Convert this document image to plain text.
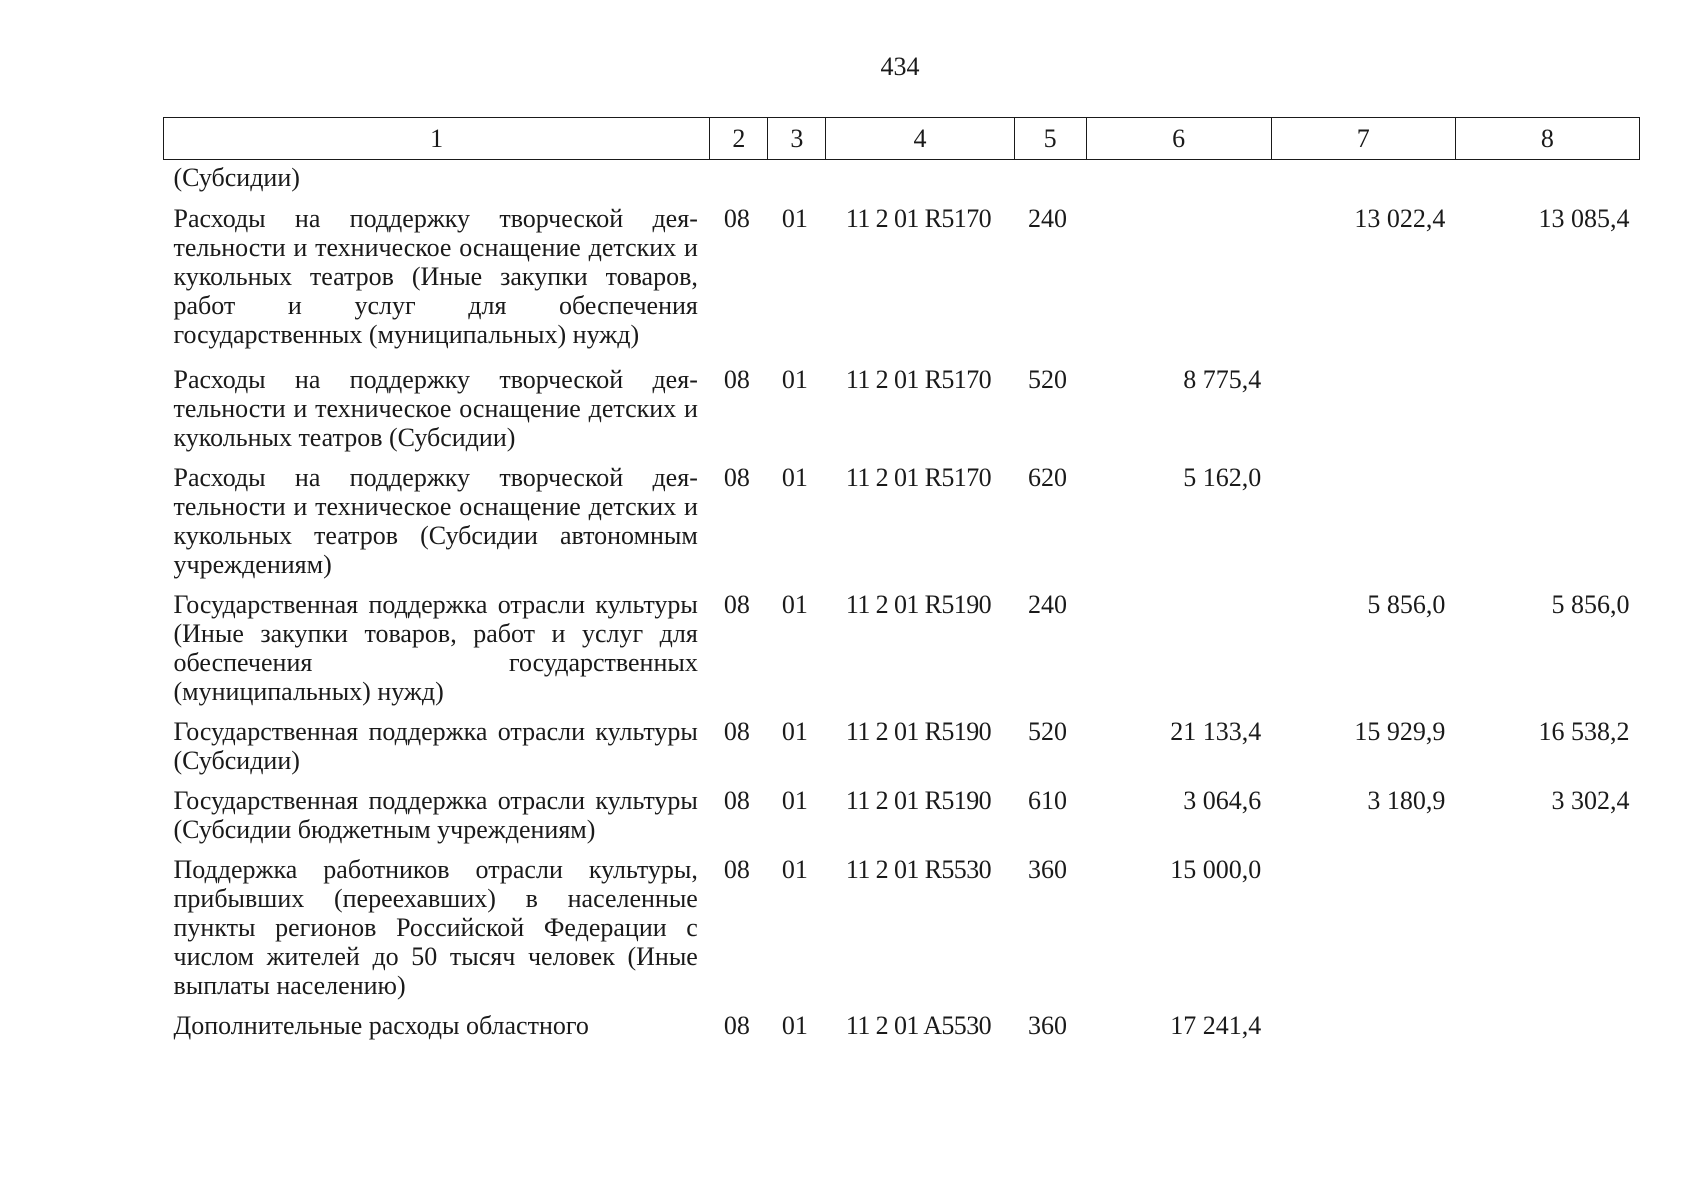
434
1	2	3	4	5	6	7	8
(Субсидии)							
Расходы на поддержку творческой деятельности и техническое оснащение детских и кукольных театров (Иные закупки товаров, работ и услуг для обеспечения государственных (муниципальных) нужд)	08	01	11 2 01 R5170	240		13 022,4	13 085,4
Расходы на поддержку творческой деятельности и техническое оснащение детских и кукольных театров (Субсидии)	08	01	11 2 01 R5170	520	8 775,4		
Расходы на поддержку творческой деятельности и техническое оснащение детских и кукольных театров (Субсидии автономным учреждениям)	08	01	11 2 01 R5170	620	5 162,0		
Государственная поддержка отрасли культуры (Иные закупки товаров, работ и услуг для обеспечения государственных (муниципальных) нужд)	08	01	11 2 01 R5190	240		5 856,0	5 856,0
Государственная поддержка отрасли культуры (Субсидии)	08	01	11 2 01 R5190	520	21 133,4	15 929,9	16 538,2
Государственная поддержка отрасли культуры (Субсидии бюджетным учреждениям)	08	01	11 2 01 R5190	610	3 064,6	3 180,9	3 302,4
Поддержка работников отрасли культуры, прибывших (переехавших) в населенные пункты регионов Российской Федерации с числом жителей до 50 тысяч человек (Иные выплаты населению)	08	01	11 2 01 R5530	360	15 000,0		
Дополнительные расходы областного	08	01	11 2 01 A5530	360	17 241,4		
